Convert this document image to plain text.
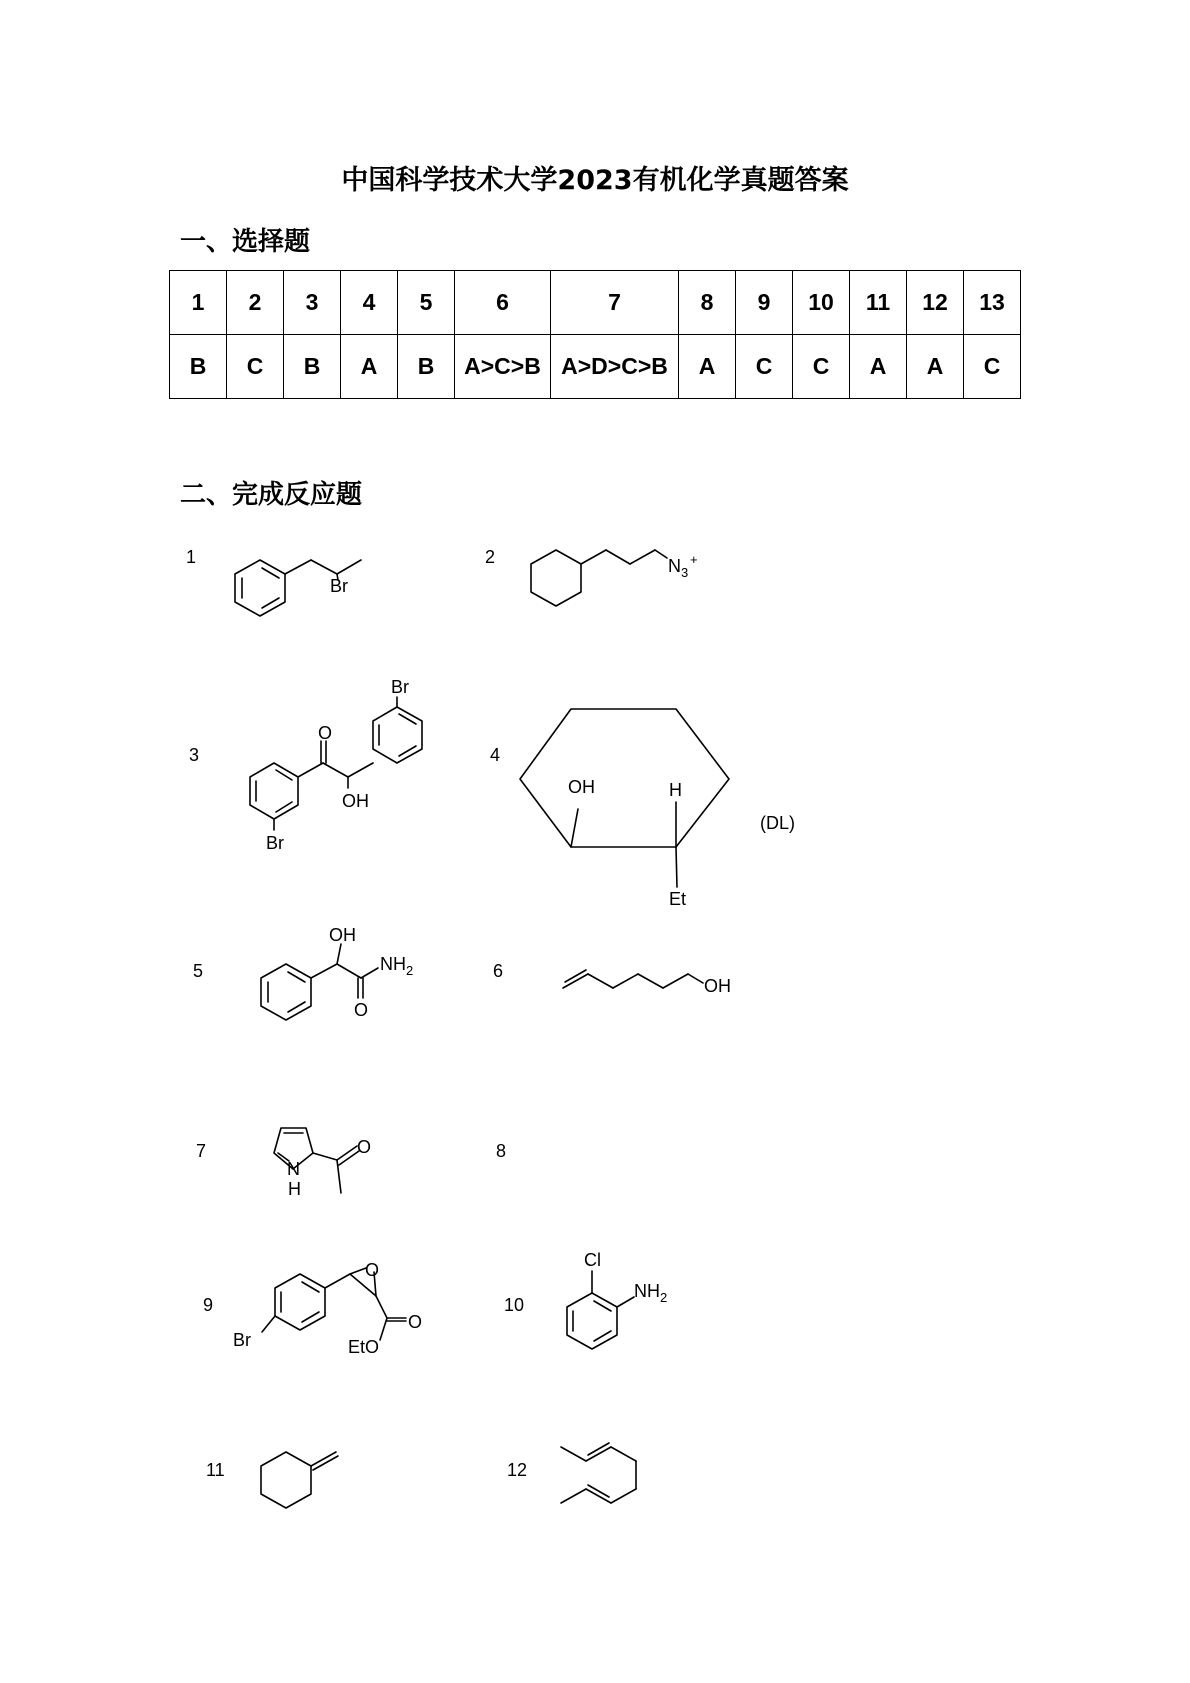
中国科学技术大学2023有机化学真题答案
一、选择题
1	2	3	4	5	6	7	8	9	10	11	12	13
B	C	B	A	B	A>C>B	A>D>C>B	A	C	C	A	A	C
二、完成反应题
1	2
3	4
5	6
7	8
9	10
11	12
Br
N 3
+
Br
O
OH
Br
OH	H
Et
(DL)
OH
NH 2
O
OH
O
N
H
O
Br
O
EtO
Cl
NH 2
